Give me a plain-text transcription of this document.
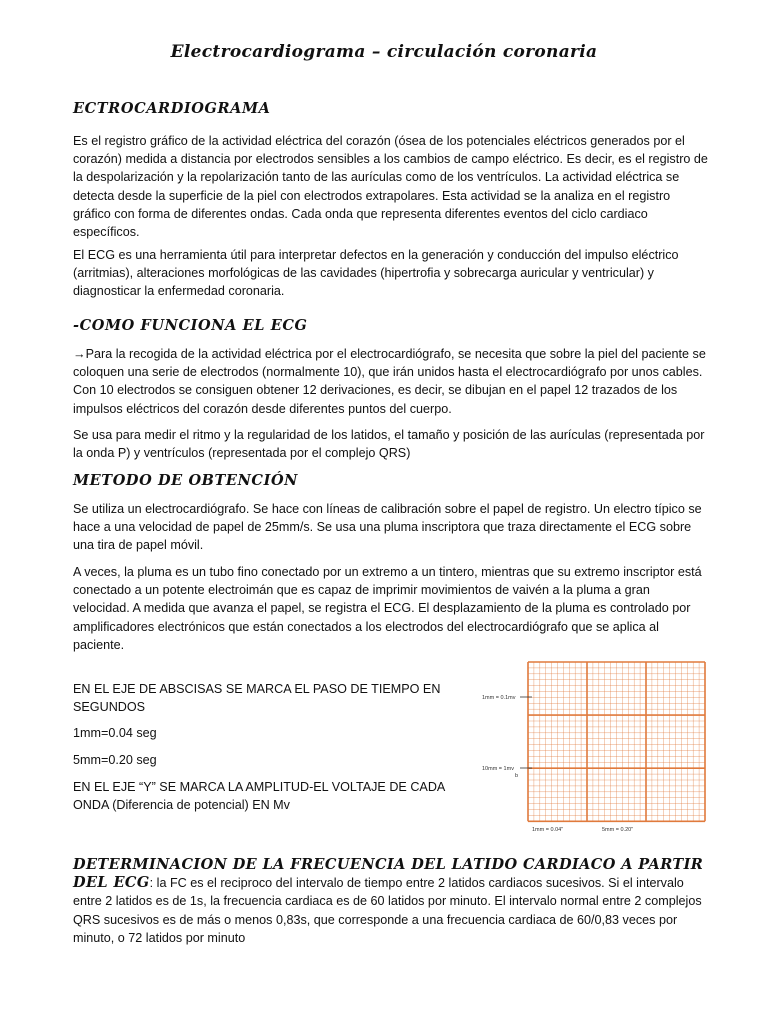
Electrocardiograma – circulación coronaria
ECTROCARDIOGRAMA

Es el registro gráfico de la actividad eléctrica del corazón (ósea de los potenciales eléctricos generados por el corazón) medida a distancia por electrodos sensibles a los cambios de campo eléctrico. Es decir, es el registro de la despolarización y la repolarización tanto de las aurículas como de los ventrículos. La actividad eléctrica se detecta desde la superficie de la piel con electrodos extrapolares. Esta actividad se la analiza en el registro gráfico con forma de diferentes ondas. Cada onda que representa diferentes eventos del ciclo cardiaco específicos.

El ECG es una herramienta útil para interpretar defectos en la generación y conducción del impulso eléctrico (arritmias), alteraciones morfológicas de las cavidades (hipertrofia y sobrecarga auricular y ventricular) y diagnosticar la enfermedad coronaria.

-COMO FUNCIONA EL ECG

→Para la recogida de la actividad eléctrica por el electrocardiógrafo, se necesita que sobre la piel del paciente se coloquen una serie de electrodos (normalmente 10), que irán unidos hasta el electrocardiógrafo por unos cables. Con 10 electrodos se consiguen obtener 12 derivaciones, es decir, se dibujan en el papel 12 trazados de los impulsos eléctricos del corazón desde diferentes puntos del cuerpo.

Se usa para medir el ritmo y la regularidad de los latidos, el tamaño y posición de las aurículas (representada por la onda P) y ventrículos (representada por el complejo QRS)

METODO DE OBTENCIÓN

Se utiliza un electrocardiógrafo. Se hace con líneas de calibración sobre el papel de registro. Un electro típico se hace a una velocidad de papel de 25mm/s. Se usa una pluma inscriptora que traza directamente el ECG sobre una tira de papel móvil.

A veces, la pluma es un tubo fino conectado por un extremo a un tintero, mientras que su extremo inscriptor está conectado a un potente electroimán que es capaz de imprimir movimientos de vaivén a la pluma a gran velocidad. A medida que avanza el papel, se registra el ECG. El desplazamiento de la pluma es controlado por amplificadores electrónicos que están conectados a los electrodos del electrocardiógrafo que se aplica al paciente.

EN EL EJE DE ABSCISAS SE MARCA EL PASO DE TIEMPO EN SEGUNDOS

1mm=0.04 seg

5mm=0.20 seg

EN EL EJE “Y” SE MARCA LA AMPLITUD-EL VOLTAJE DE CADA ONDA (Diferencia de potencial) EN Mv

1mm = 0.1mv
10mm = 1mv
b
1mm = 0.04"	5mm = 0.20"

DETERMINACION DE LA FRECUENCIA DEL LATIDO CARDIACO A PARTIR DEL ECG: la FC es el reciproco del intervalo de tiempo entre 2 latidos cardiacos sucesivos. Si el intervalo entre 2 latidos es de 1s, la frecuencia cardiaca es de 60 latidos por minuto. El intervalo normal entre 2 complejos QRS sucesivos es de más o menos 0,83s, que corresponde a una frecuencia cardiaca de 60/0,83 veces por minuto, o 72 latidos por minuto
